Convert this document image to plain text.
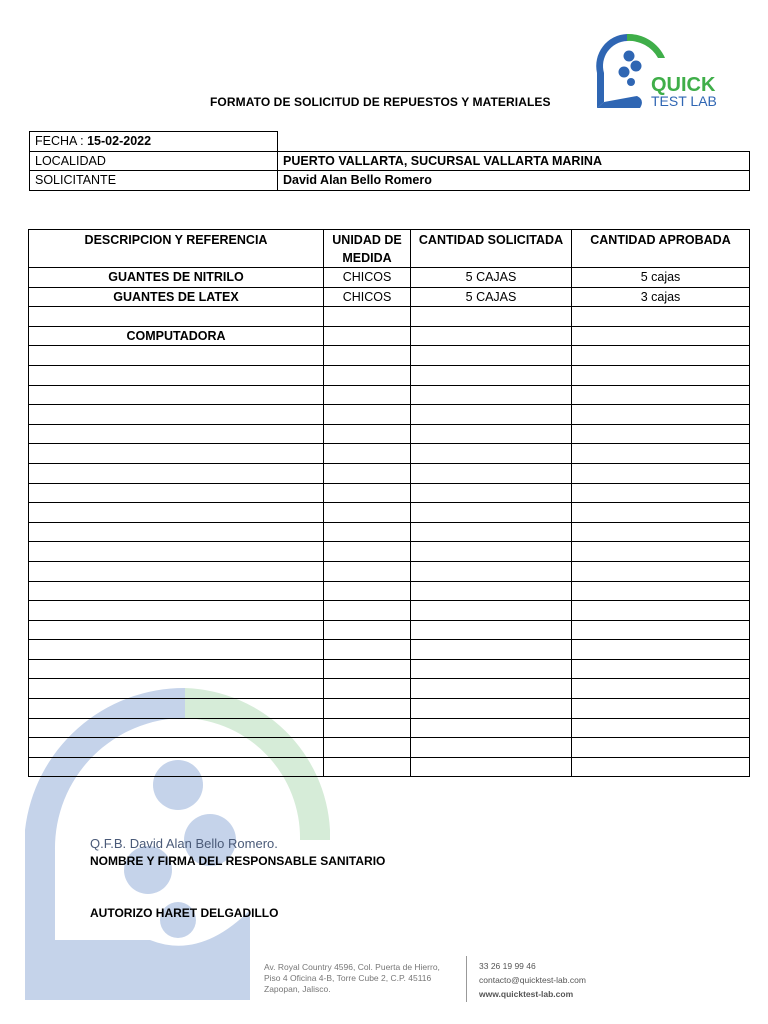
QUICK
TEST LAB
FORMATO DE SOLICITUD DE REPUESTOS Y MATERIALES
FECHA : 15-02-2022	
LOCALIDAD	PUERTO VALLARTA, SUCURSAL VALLARTA MARINA
SOLICITANTE	David Alan Bello Romero
DESCRIPCION Y REFERENCIA	UNIDAD DE MEDIDA	CANTIDAD SOLICITADA	CANTIDAD APROBADA
GUANTES DE NITRILO	CHICOS	5 CAJAS	5 cajas
GUANTES DE LATEX	CHICOS	5 CAJAS	3 cajas

COMPUTADORA			

Q.F.B. David Alan Bello Romero.
NOMBRE Y FIRMA DEL RESPONSABLE SANITARIO
AUTORIZO HARET DELGADILLO
Av. Royal Country 4596, Col. Puerta de Hierro,
Piso 4 Oficina 4-B, Torre Cube 2, C.P. 45116
Zapopan, Jalisco.
33 26 19 99 46
contacto@quicktest-lab.com
www.quicktest-lab.com
